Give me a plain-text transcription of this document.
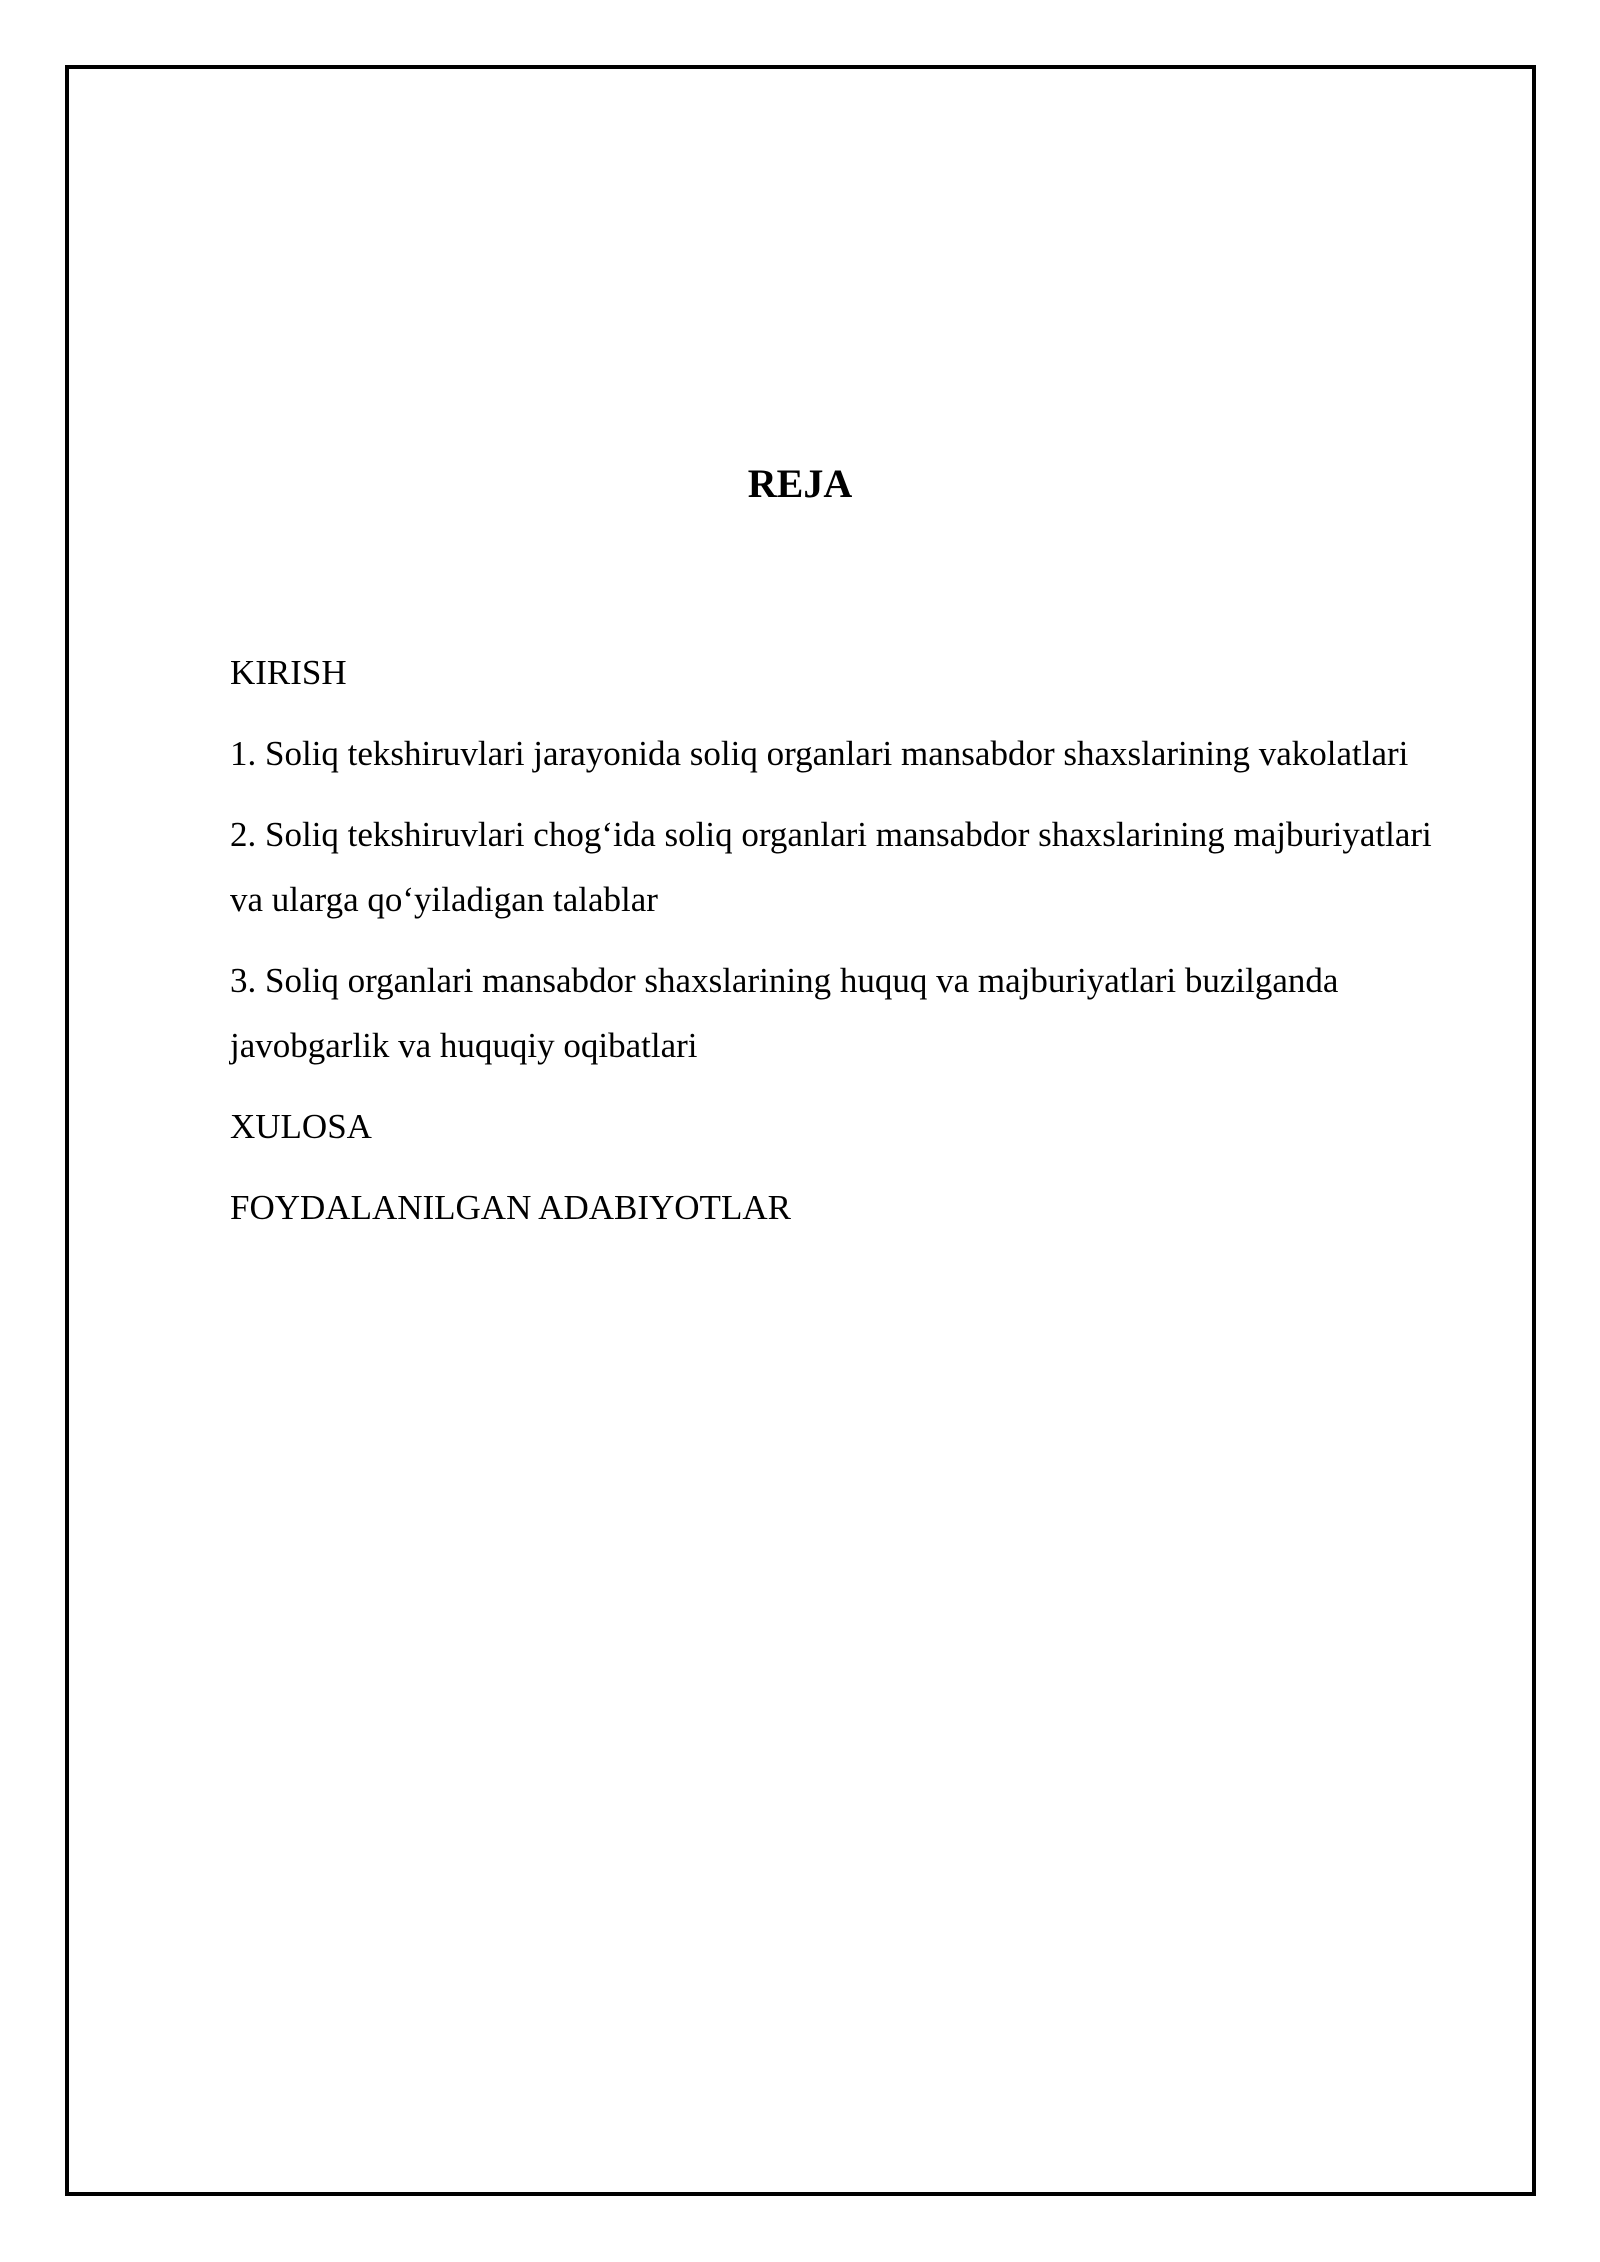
REJA
KIRISH
1. Soliq tekshiruvlari jarayonida soliq organlari mansabdor shaxslarining vakolatlari
2. Soliq tekshiruvlari chog‘ida soliq organlari mansabdor shaxslarining majburiyatlari va ularga qo‘yiladigan talablar
3. Soliq organlari mansabdor shaxslarining huquq va majburiyatlari buzilganda javobgarlik va huquqiy oqibatlari
XULOSA
FOYDALANILGAN ADABIYOTLAR
